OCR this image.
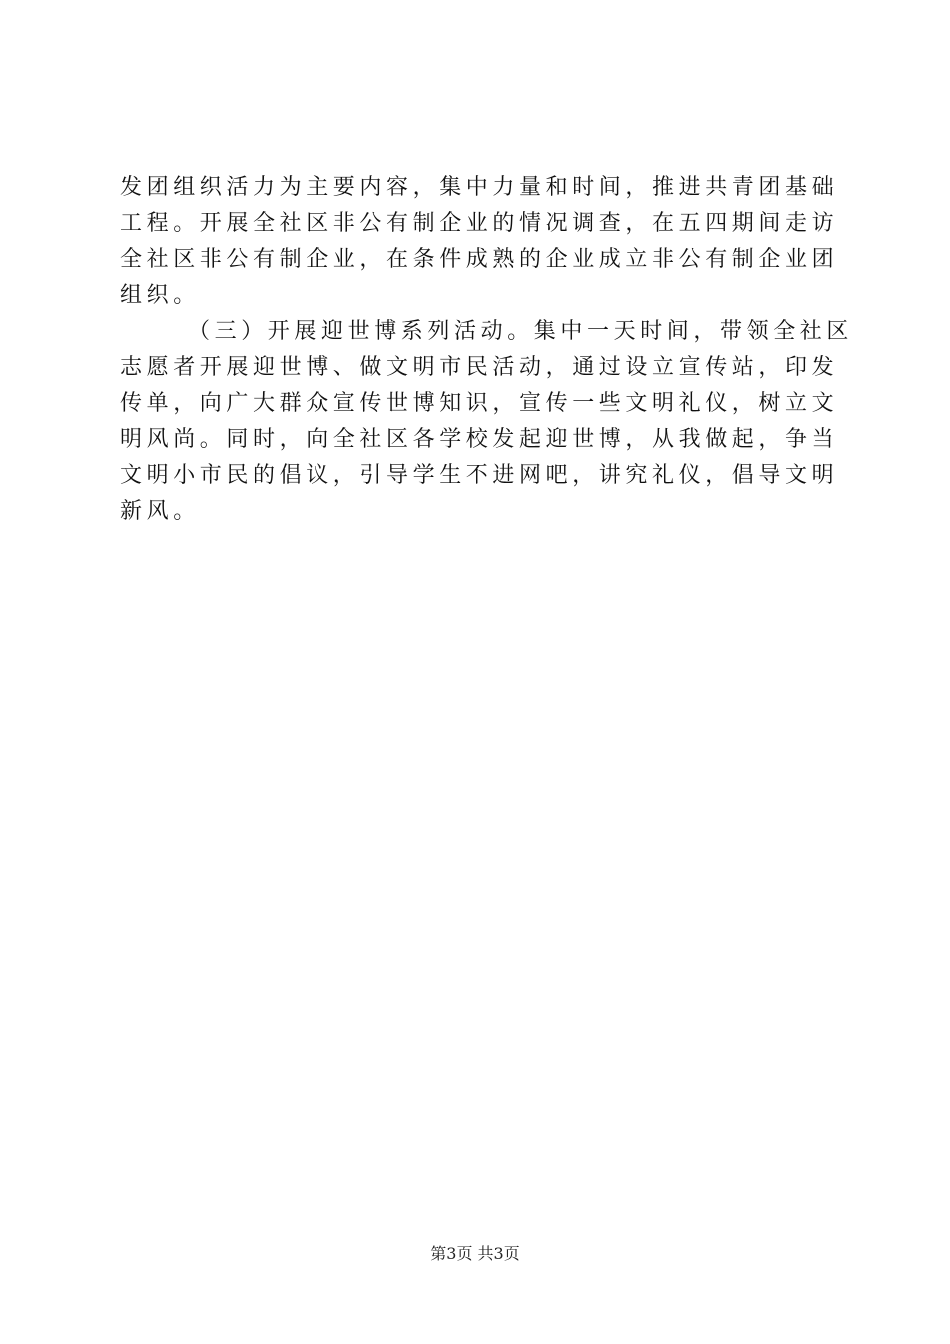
发团组织活力为主要内容，集中力量和时间，推进共青团基础
工程。开展全社区非公有制企业的情况调查，在五四期间走访
全社区非公有制企业，在条件成熟的企业成立非公有制企业团
组织。
（三）开展迎世博系列活动。集中一天时间，带领全社区
志愿者开展迎世博、做文明市民活动，通过设立宣传站，印发
传单，向广大群众宣传世博知识，宣传一些文明礼仪，树立文
明风尚。同时，向全社区各学校发起迎世博，从我做起，争当
文明小市民的倡议，引导学生不进网吧，讲究礼仪，倡导文明
新风。
第3页 共3页
